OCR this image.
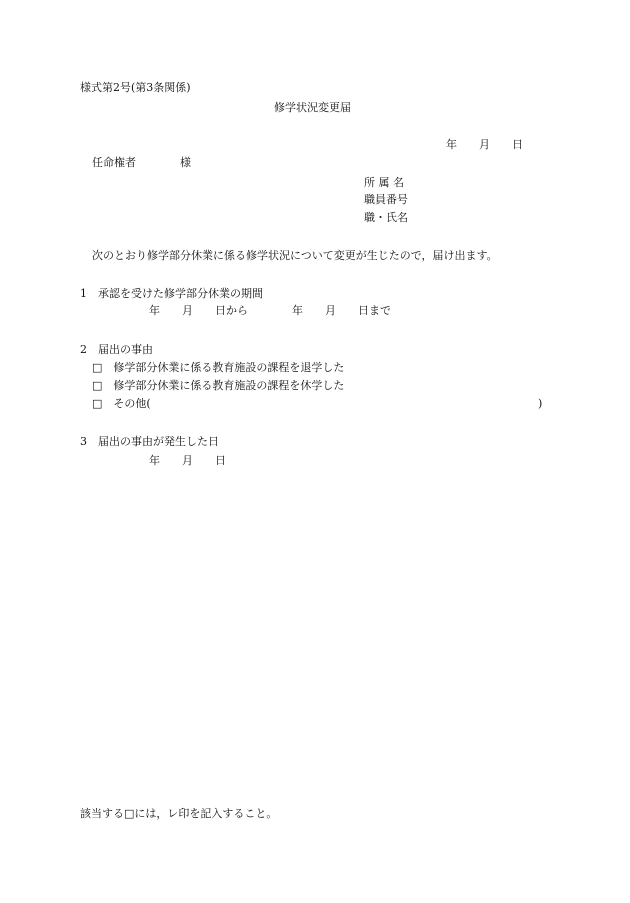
様式第2号(第3条関係)
修学状況変更届
年　　月　　日
任命権者　　　　様
所 属 名
職員番号
職・氏名
次のとおり修学部分休業に係る修学状況について変更が生じたので，届け出ます。
1　承認を受けた修学部分休業の期間
年　　月　　日から　　　　年　　月　　日まで
2　届出の事由
□　修学部分休業に係る教育施設の課程を退学した
□　修学部分休業に係る教育施設の課程を休学した
□　その他(	)
3　届出の事由が発生した日
年　　月　　日
該当する□には，レ印を記入すること。
